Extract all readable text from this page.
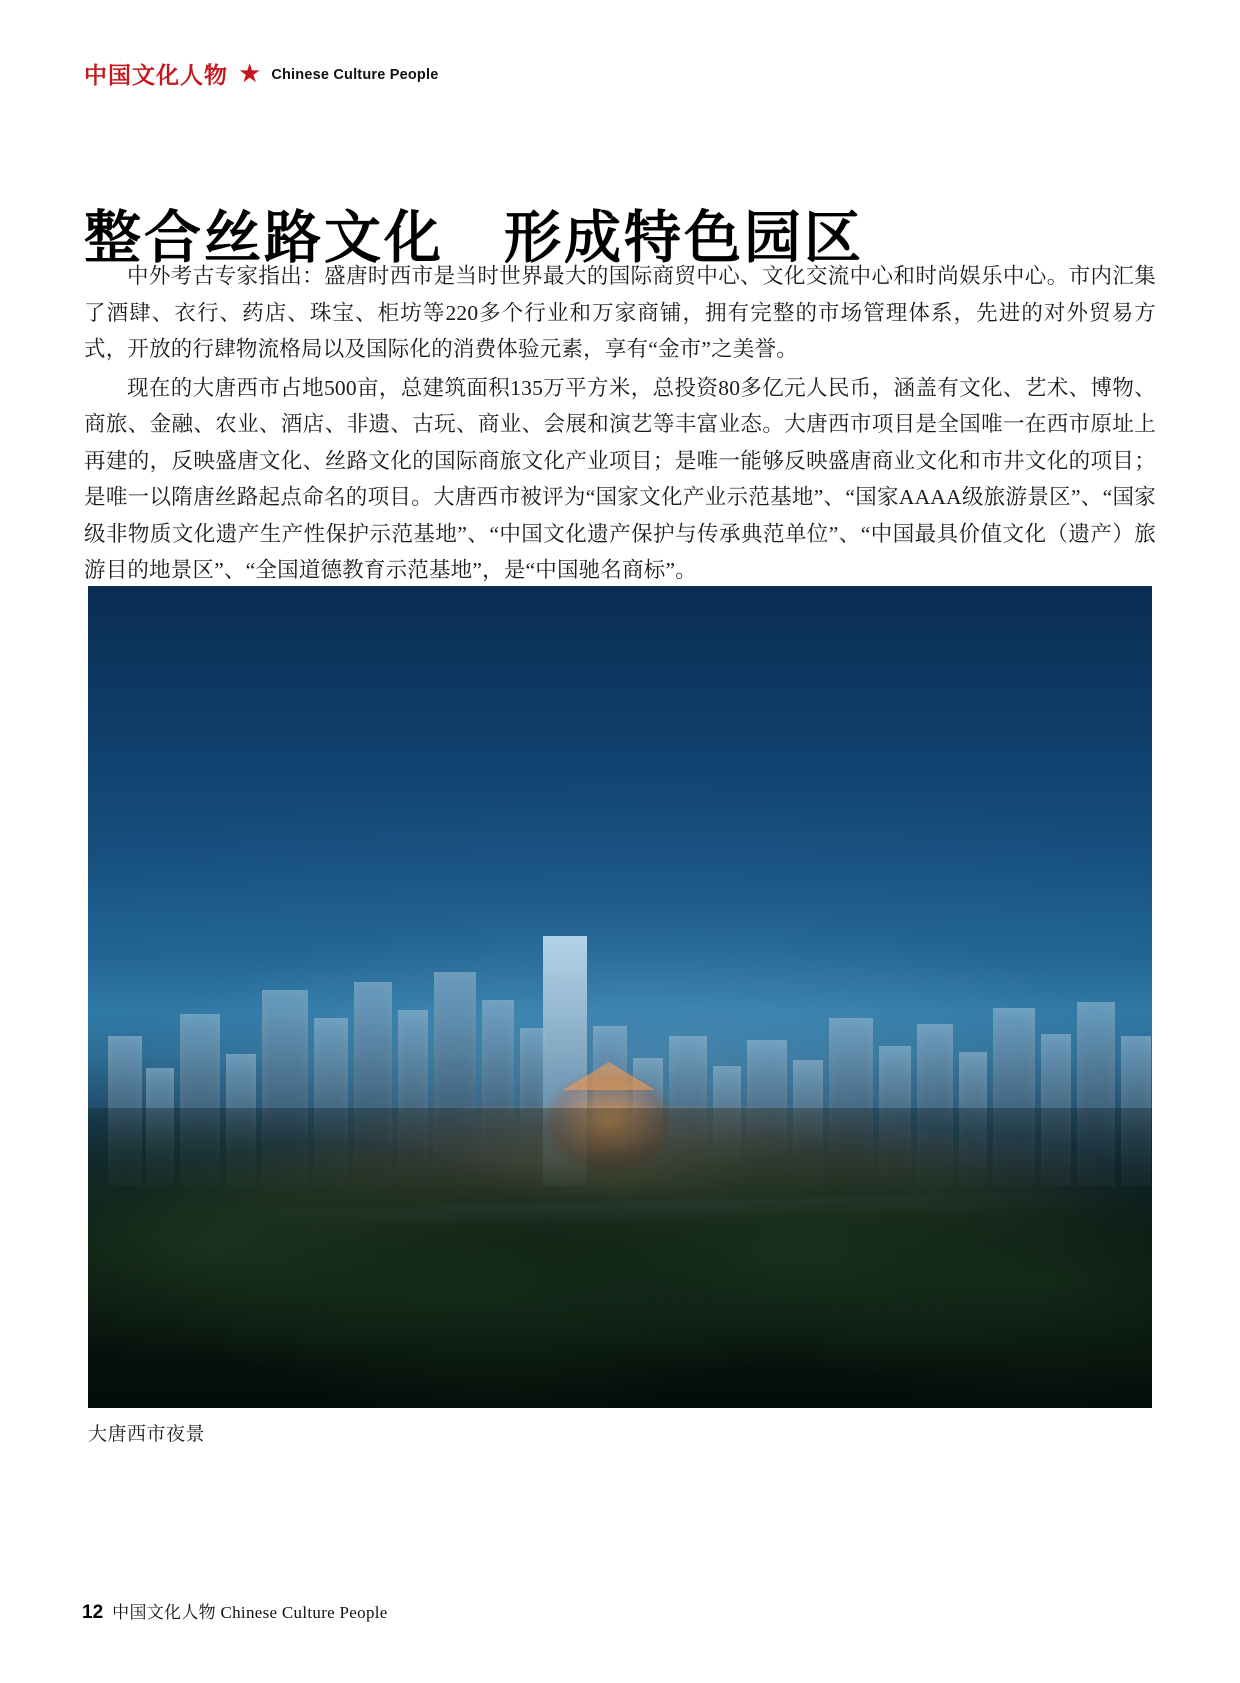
中国文化人物 ★ Chinese Culture People
整合丝路文化　形成特色园区

中外考古专家指出：盛唐时西市是当时世界最大的国际商贸中心、文化交流中心和时尚娱乐中心。市内汇集了酒肆、衣行、药店、珠宝、柜坊等220多个行业和万家商铺，拥有完整的市场管理体系，先进的对外贸易方式，开放的行肆物流格局以及国际化的消费体验元素，享有“金市”之美誉。

现在的大唐西市占地500亩，总建筑面积135万平方米，总投资80多亿元人民币，涵盖有文化、艺术、博物、商旅、金融、农业、酒店、非遗、古玩、商业、会展和演艺等丰富业态。大唐西市项目是全国唯一在西市原址上再建的，反映盛唐文化、丝路文化的国际商旅文化产业项目；是唯一能够反映盛唐商业文化和市井文化的项目；是唯一以隋唐丝路起点命名的项目。大唐西市被评为“国家文化产业示范基地”、“国家AAAA级旅游景区”、“国家级非物质文化遗产生产性保护示范基地”、“中国文化遗产保护与传承典范单位”、“中国最具价值文化（遗产）旅游目的地景区”、“全国道德教育示范基地”，是“中国驰名商标”。

大唐西市夜景
12 中国文化人物 Chinese Culture People
